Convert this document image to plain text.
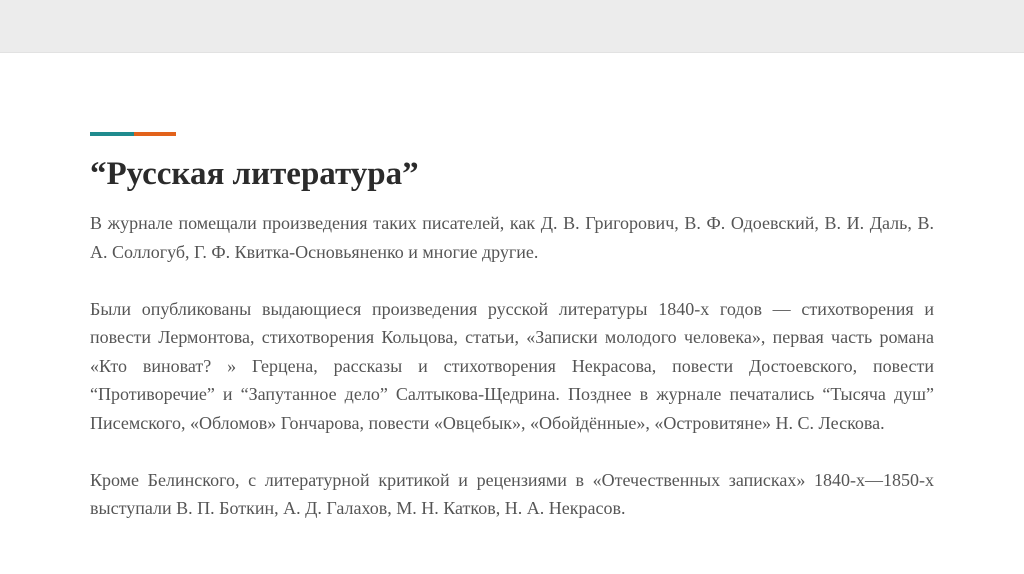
“Русская литература”

В журнале помещали произведения таких писателей, как Д. В. Григорович, В. Ф. Одоевский, В. И. Даль, В. А. Соллогуб, Г. Ф. Квитка-Основьяненко и многие другие.

Были опубликованы выдающиеся произведения русской литературы 1840-х годов — стихотворения и повести Лермонтова, стихотворения Кольцова, статьи, «Записки молодого человека», первая часть романа «Кто виноват? » Герцена, рассказы и стихотворения Некрасова, повести Достоевского, повести “Противоречие” и “Запутанное дело” Салтыкова-Щедрина. Позднее в журнале печатались “Тысяча душ” Писемского, «Обломов» Гончарова, повести «Овцебык», «Обойдённые», «Островитяне» Н. С. Лескова.

Кроме Белинского, с литературной критикой и рецензиями в «Отечественных записках» 1840-х—1850-х выступали В. П. Боткин, А. Д. Галахов, М. Н. Катков, Н. А. Некрасов.
